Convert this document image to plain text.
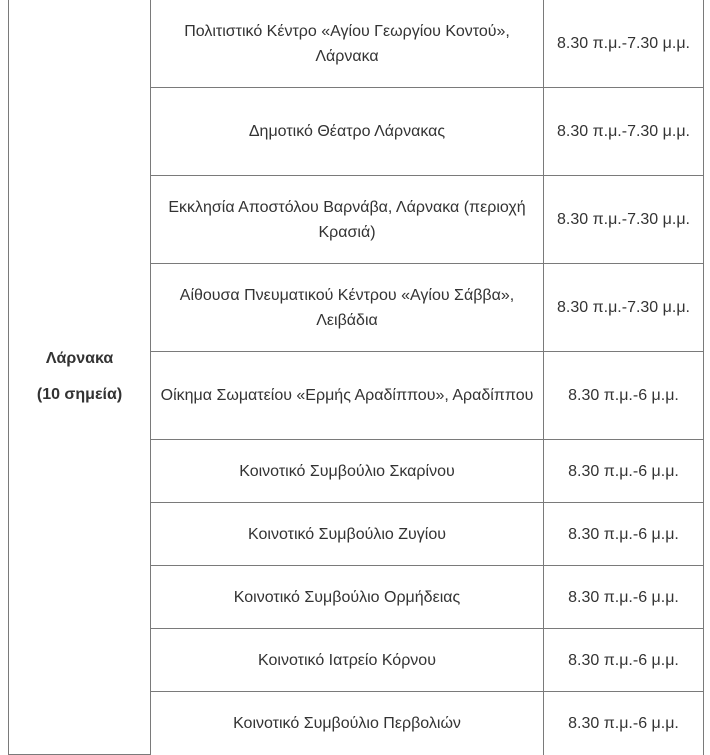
Λάρνακα
(10 σημεία)	Πολιτιστικό Κέντρο «Αγίου Γεωργίου Κοντού», Λάρνακα	8.30 π.μ.-7.30 μ.μ.
	Δημοτικό Θέατρο Λάρνακας	8.30 π.μ.-7.30 μ.μ.
	Εκκλησία Αποστόλου Βαρνάβα, Λάρνακα (περιοχή Κρασιά)	8.30 π.μ.-7.30 μ.μ.
	Αίθουσα Πνευματικού Κέντρου «Αγίου Σάββα», Λειβάδια	8.30 π.μ.-7.30 μ.μ.
	Οίκημα Σωματείου «Ερμής Αραδίππου», Αραδίππου	8.30 π.μ.-6 μ.μ.
	Κοινοτικό Συμβούλιο Σκαρίνου	8.30 π.μ.-6 μ.μ.
	Κοινοτικό Συμβούλιο Ζυγίου	8.30 π.μ.-6 μ.μ.
	Κοινοτικό Συμβούλιο Ορμήδειας	8.30 π.μ.-6 μ.μ.
	Κοινοτικό Ιατρείο Κόρνου	8.30 π.μ.-6 μ.μ.
	Κοινοτικό Συμβούλιο Περβολιών	8.30 π.μ.-6 μ.μ.
